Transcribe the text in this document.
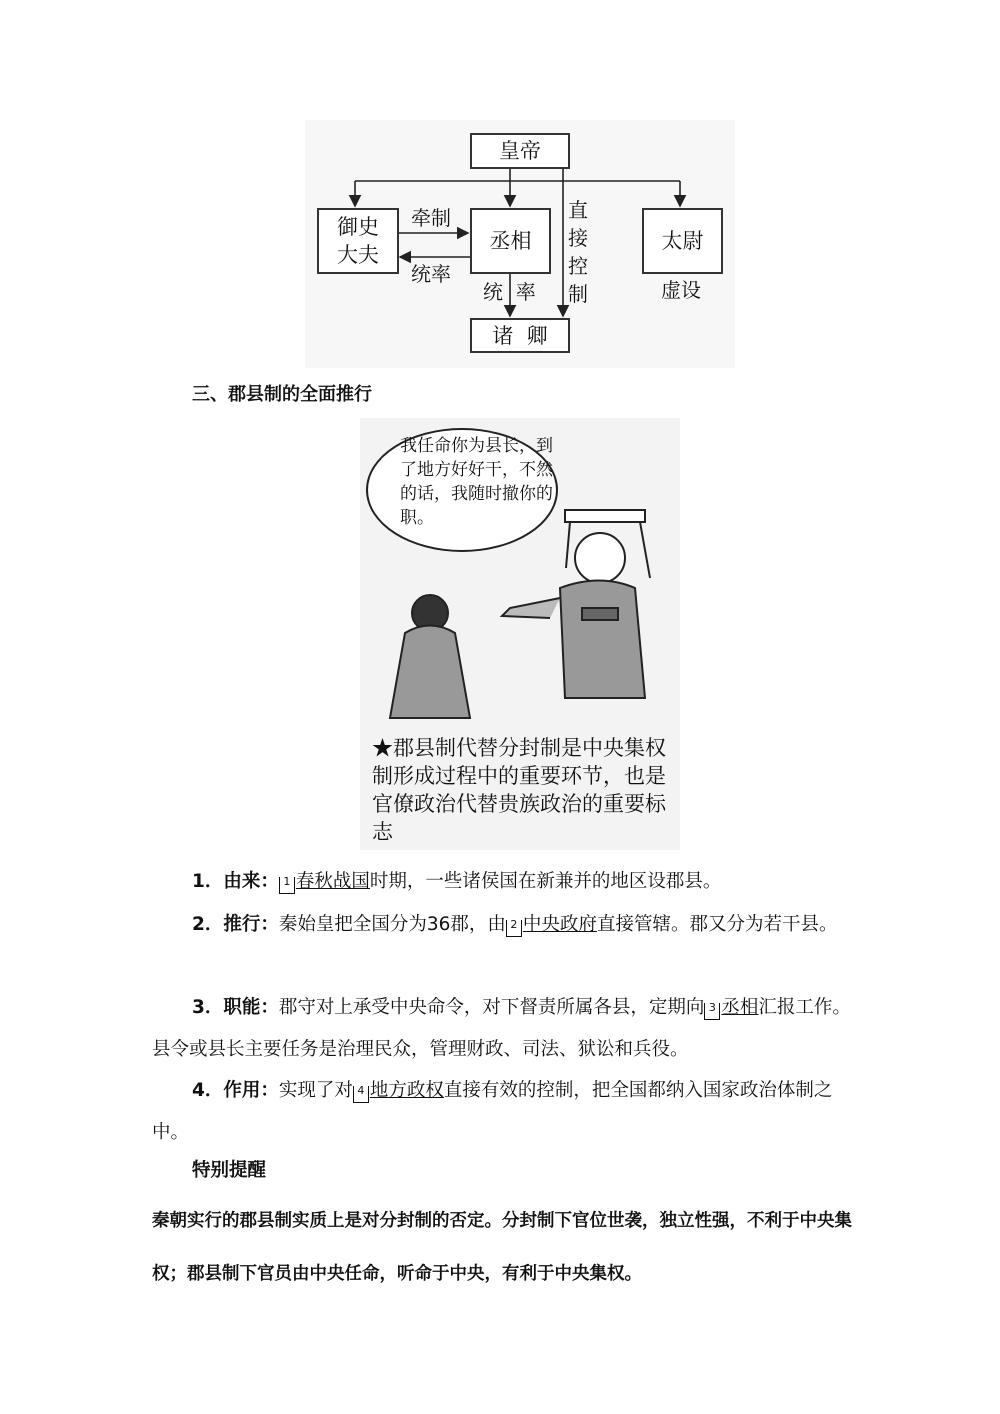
皇帝
御史大夫
丞相	太尉
诸  卿
牵制
统率
统  率
直接控制	虚设
三、郡县制的全面推行
我任命你为县长，到了地方好好干，不然的话，我随时撤你的职。
★郡县制代替分封制是中央集权制形成过程中的重要环节，也是官僚政治代替贵族政治的重要标志
1．由来： 1 春秋战国时期，一些诸侯国在新兼并的地区设郡县。
2．推行：秦始皇把全国分为36郡，由 2 中央政府直接管辖。郡又分为若干县。
3．职能：郡守对上承受中央命令，对下督责所属各县，定期向 3 丞相汇报工作。县令或县长主要任务是治理民众，管理财政、司法、狱讼和兵役。
4．作用：实现了对 4 地方政权直接有效的控制，把全国都纳入国家政治体制之中。
特别提醒
秦朝实行的郡县制实质上是对分封制的否定。分封制下官位世袭，独立性强，不利于中央集权；郡县制下官员由中央任命，听命于中央，有利于中央集权。
